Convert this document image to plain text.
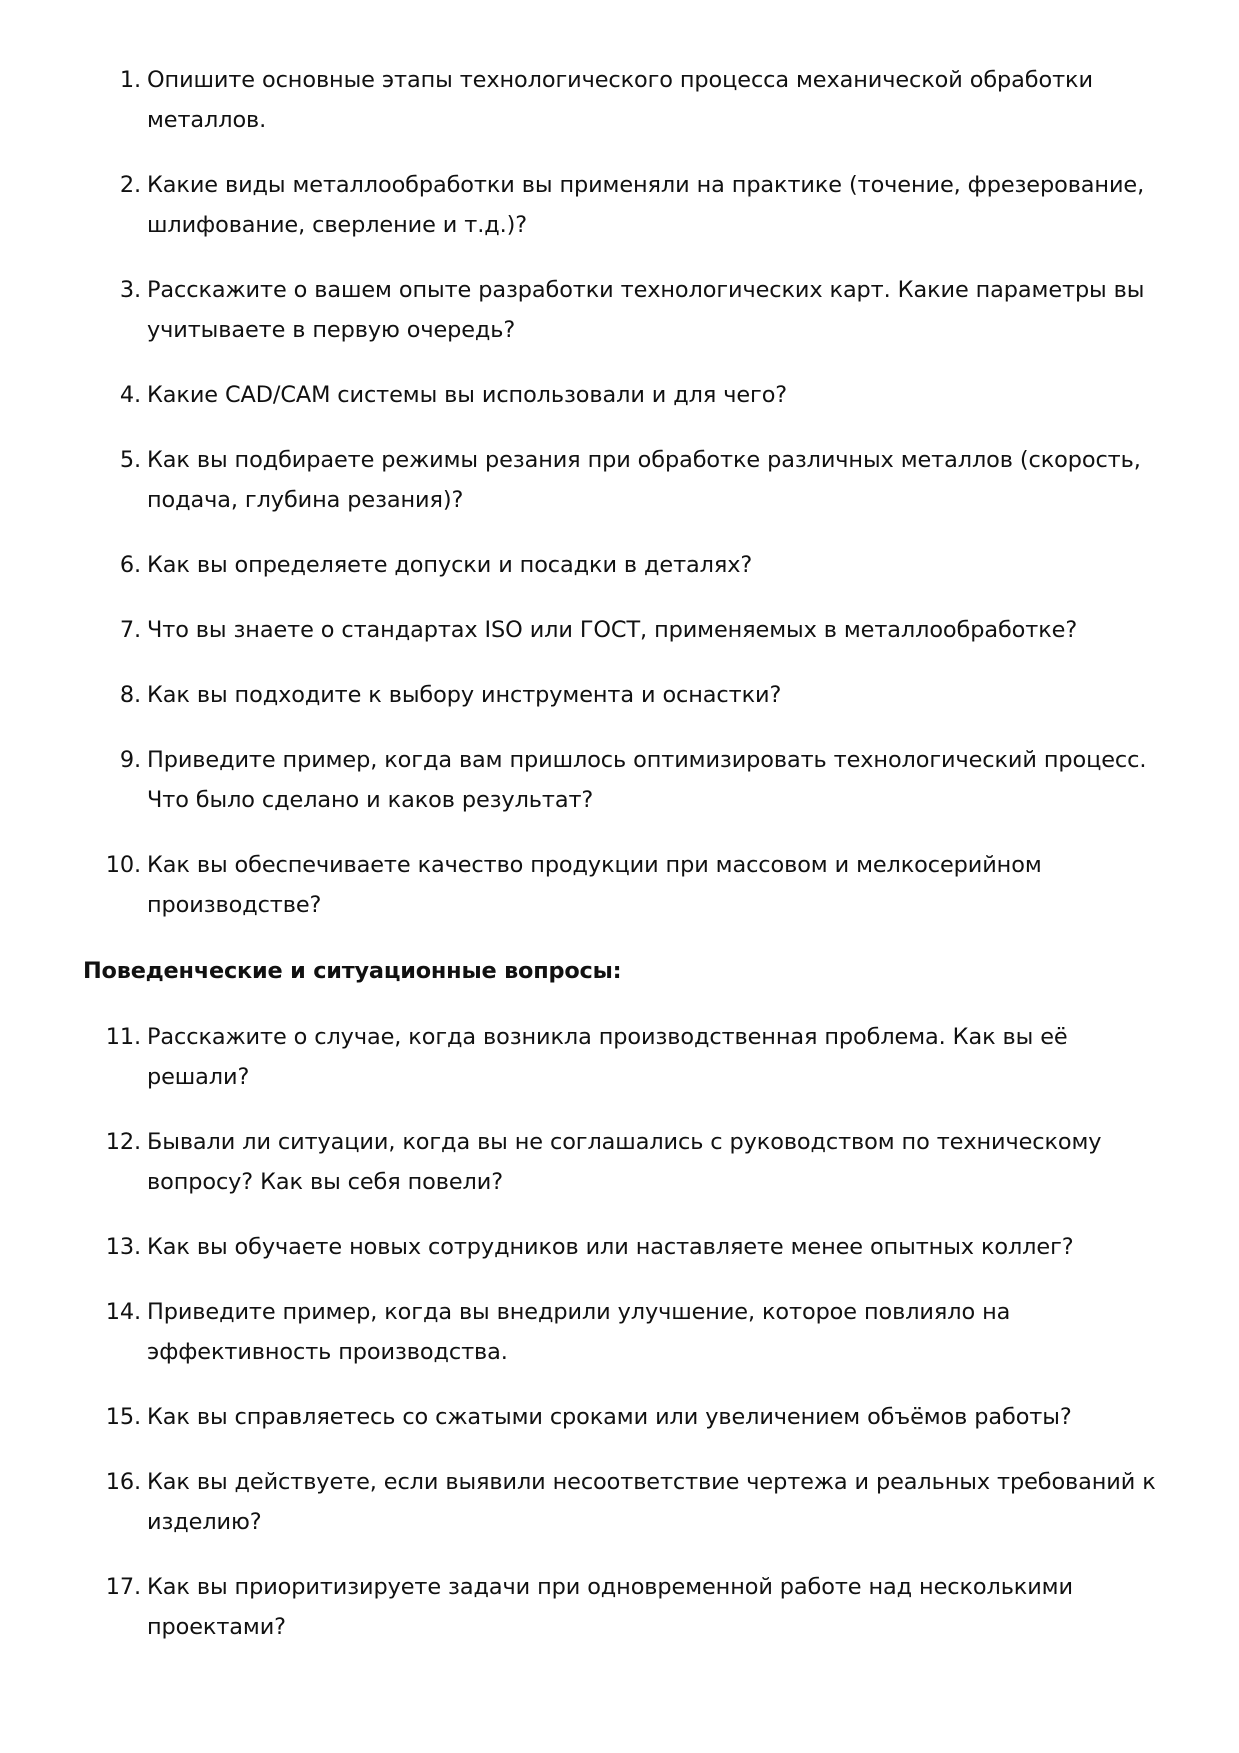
1. Опишите основные этапы технологического процесса механической обработки металлов.
2. Какие виды металлообработки вы применяли на практике (точение, фрезерование, шлифование, сверление и т.д.)?
3. Расскажите о вашем опыте разработки технологических карт. Какие параметры вы учитываете в первую очередь?
4. Какие CAD/CAM системы вы использовали и для чего?
5. Как вы подбираете режимы резания при обработке различных металлов (скорость, подача, глубина резания)?
6. Как вы определяете допуски и посадки в деталях?
7. Что вы знаете о стандартах ISO или ГОСТ, применяемых в металлообработке?
8. Как вы подходите к выбору инструмента и оснастки?
9. Приведите пример, когда вам пришлось оптимизировать технологический процесс. Что было сделано и каков результат?
10. Как вы обеспечиваете качество продукции при массовом и мелкосерийном производстве?
Поведенческие и ситуационные вопросы:
11. Расскажите о случае, когда возникла производственная проблема. Как вы её решали?
12. Бывали ли ситуации, когда вы не соглашались с руководством по техническому вопросу? Как вы себя повели?
13. Как вы обучаете новых сотрудников или наставляете менее опытных коллег?
14. Приведите пример, когда вы внедрили улучшение, которое повлияло на эффективность производства.
15. Как вы справляетесь со сжатыми сроками или увеличением объёмов работы?
16. Как вы действуете, если выявили несоответствие чертежа и реальных требований к изделию?
17. Как вы приоритизируете задачи при одновременной работе над несколькими проектами?
